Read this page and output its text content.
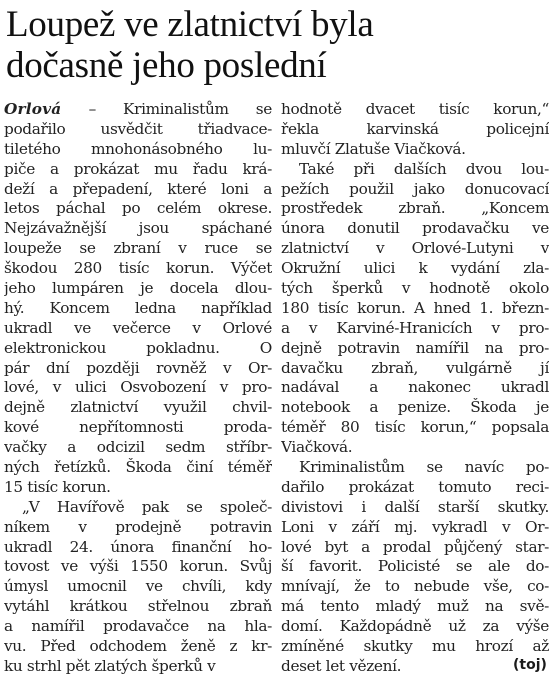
Loupež ve zlatnictví byla
dočasně jeho poslední
Orlová – Kriminalistům se
podařilo usvědčit třiadvace-
tiletého mnohonásobného lu-
piče a prokázat mu řadu krá-
deží a přepadení, které loni a
letos páchal po celém okrese.
Nejzávažnější jsou spáchané
loupeže se zbraní v ruce se
škodou 280 tisíc korun. Výčet
jeho lumpáren je docela dlou-
hý. Koncem ledna například
ukradl ve večerce v Orlové
elektronickou pokladnu. O
pár dní později rovněž v Or-
lové, v ulici Osvobození v pro-
dejně zlatnictví využil chvil-
kové nepřítomnosti proda-
vačky a odcizil sedm stříbr-
ných řetízků. Škoda činí téměř
15 tisíc korun.
„V Havířově pak se společ-
níkem v prodejně potravin
ukradl 24. února finanční ho-
tovost ve výši 1550 korun. Svůj
úmysl umocnil ve chvíli, kdy
vytáhl krátkou střelnou zbraň
a namířil prodavačce na hla-
vu. Před odchodem ženě z kr-
ku strhl pět zlatých šperků v
hodnotě dvacet tisíc korun,“
řekla karvinská policejní
mluvčí Zlatuše Viačková.
Také při dalších dvou lou-
pežích použil jako donucovací
prostředek zbraň. „Koncem
února donutil prodavačku ve
zlatnictví v Orlové-Lutyni v
Okružní ulici k vydání zla-
tých šperků v hodnotě okolo
180 tisíc korun. A hned 1. březn-
a v Karviné-Hranicích v pro-
dejně potravin namířil na pro-
davačku zbraň, vulgárně jí
nadával a nakonec ukradl
notebook a penize. Škoda je
téměř 80 tisíc korun,“ popsala
Viačková.
Kriminalistům se navíc po-
dařilo prokázat tomuto reci-
divistovi i další starší skutky.
Loni v září mj. vykradl v Or-
lové byt a prodal půjčený star-
ší favorit. Policisté se ale do-
mnívají, že to nebude vše, co-
má tento mladý muž na svě-
domí. Každopádně už za výše
zmíněné skutky mu hrozí až
deset let vězení.	(toj)
